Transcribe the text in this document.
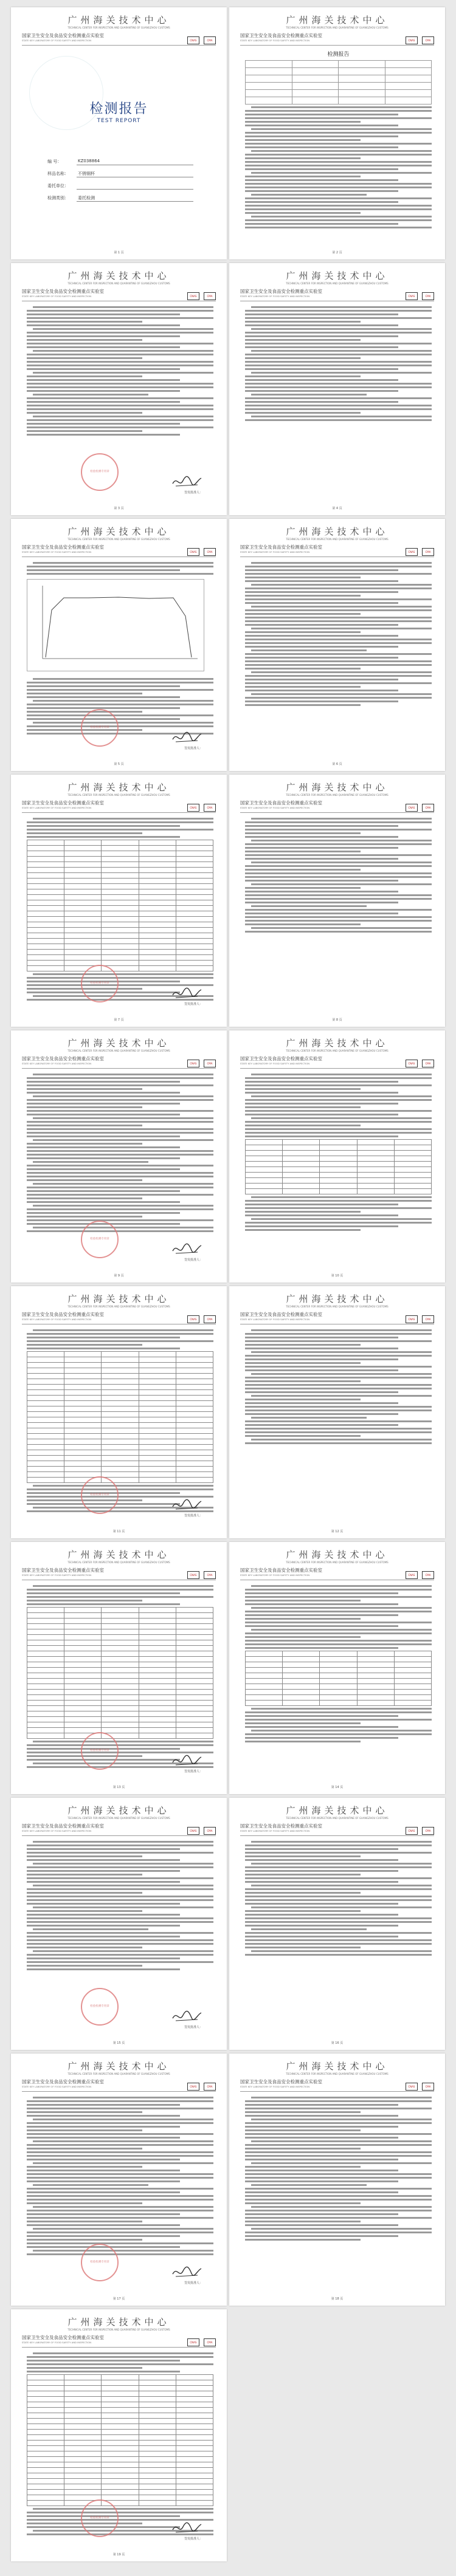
广州海关技术中心
TECHNICAL CENTER FOR INSPECTION AND QUARANTINE OF GUANGZHOU CUSTOMS
国家卫生安全及食品安全检测重点实验室
STATE KEY LABORATORY OF FOOD SAFETY AND INSPECTION	CNAS	CMA
检测报告
TEST REPORT
编 号：	KZ038864
样品名称： 不锈钢杯
委托单位：
检测类别： 委托检测
第 1 页
广州海关技术中心
TECHNICAL CENTER FOR INSPECTION AND QUARANTINE OF GUANGZHOU CUSTOMS
国家卫生安全及食品安全检测重点实验室
STATE KEY LABORATORY OF FOOD SAFETY AND INSPECTION	CNAS	CMA
检测报告

第 2 页
广州海关技术中心
TECHNICAL CENTER FOR INSPECTION AND QUARANTINE OF GUANGZHOU CUSTOMS
国家卫生安全及食品安全检测重点实验室
STATE KEY LABORATORY OF FOOD SAFETY AND INSPECTION	CNAS	CMA
检验检测专用章
签发批准人：
第 3 页
广州海关技术中心
TECHNICAL CENTER FOR INSPECTION AND QUARANTINE OF GUANGZHOU CUSTOMS
国家卫生安全及食品安全检测重点实验室
STATE KEY LABORATORY OF FOOD SAFETY AND INSPECTION	CNAS	CMA
第 4 页
广州海关技术中心
TECHNICAL CENTER FOR INSPECTION AND QUARANTINE OF GUANGZHOU CUSTOMS
国家卫生安全及食品安全检测重点实验室
STATE KEY LABORATORY OF FOOD SAFETY AND INSPECTION	CNAS	CMA
检验检测专用章
签发批准人：
第 5 页
广州海关技术中心
TECHNICAL CENTER FOR INSPECTION AND QUARANTINE OF GUANGZHOU CUSTOMS
国家卫生安全及食品安全检测重点实验室
STATE KEY LABORATORY OF FOOD SAFETY AND INSPECTION	CNAS	CMA
第 6 页
广州海关技术中心
TECHNICAL CENTER FOR INSPECTION AND QUARANTINE OF GUANGZHOU CUSTOMS
国家卫生安全及食品安全检测重点实验室
STATE KEY LABORATORY OF FOOD SAFETY AND INSPECTION	CNAS	CMA

检验检测专用章
签发批准人：
第 7 页
广州海关技术中心
TECHNICAL CENTER FOR INSPECTION AND QUARANTINE OF GUANGZHOU CUSTOMS
国家卫生安全及食品安全检测重点实验室
STATE KEY LABORATORY OF FOOD SAFETY AND INSPECTION	CNAS	CMA
第 8 页
广州海关技术中心
TECHNICAL CENTER FOR INSPECTION AND QUARANTINE OF GUANGZHOU CUSTOMS
国家卫生安全及食品安全检测重点实验室
STATE KEY LABORATORY OF FOOD SAFETY AND INSPECTION	CNAS	CMA
检验检测专用章
签发批准人：
第 9 页
广州海关技术中心
TECHNICAL CENTER FOR INSPECTION AND QUARANTINE OF GUANGZHOU CUSTOMS
国家卫生安全及食品安全检测重点实验室
STATE KEY LABORATORY OF FOOD SAFETY AND INSPECTION	CNAS	CMA

第 10 页
广州海关技术中心
TECHNICAL CENTER FOR INSPECTION AND QUARANTINE OF GUANGZHOU CUSTOMS
国家卫生安全及食品安全检测重点实验室
STATE KEY LABORATORY OF FOOD SAFETY AND INSPECTION	CNAS	CMA

检验检测专用章
签发批准人：
第 11 页
广州海关技术中心
TECHNICAL CENTER FOR INSPECTION AND QUARANTINE OF GUANGZHOU CUSTOMS
国家卫生安全及食品安全检测重点实验室
STATE KEY LABORATORY OF FOOD SAFETY AND INSPECTION	CNAS	CMA
第 12 页
广州海关技术中心
TECHNICAL CENTER FOR INSPECTION AND QUARANTINE OF GUANGZHOU CUSTOMS
国家卫生安全及食品安全检测重点实验室
STATE KEY LABORATORY OF FOOD SAFETY AND INSPECTION	CNAS	CMA

检验检测专用章
签发批准人：
第 13 页
广州海关技术中心
TECHNICAL CENTER FOR INSPECTION AND QUARANTINE OF GUANGZHOU CUSTOMS
国家卫生安全及食品安全检测重点实验室
STATE KEY LABORATORY OF FOOD SAFETY AND INSPECTION	CNAS	CMA

第 14 页
广州海关技术中心
TECHNICAL CENTER FOR INSPECTION AND QUARANTINE OF GUANGZHOU CUSTOMS
国家卫生安全及食品安全检测重点实验室
STATE KEY LABORATORY OF FOOD SAFETY AND INSPECTION	CNAS	CMA
检验检测专用章
签发批准人：
第 15 页
广州海关技术中心
TECHNICAL CENTER FOR INSPECTION AND QUARANTINE OF GUANGZHOU CUSTOMS
国家卫生安全及食品安全检测重点实验室
STATE KEY LABORATORY OF FOOD SAFETY AND INSPECTION	CNAS	CMA
第 16 页
广州海关技术中心
TECHNICAL CENTER FOR INSPECTION AND QUARANTINE OF GUANGZHOU CUSTOMS
国家卫生安全及食品安全检测重点实验室
STATE KEY LABORATORY OF FOOD SAFETY AND INSPECTION	CNAS	CMA
检验检测专用章
签发批准人：
第 17 页
广州海关技术中心
TECHNICAL CENTER FOR INSPECTION AND QUARANTINE OF GUANGZHOU CUSTOMS
国家卫生安全及食品安全检测重点实验室
STATE KEY LABORATORY OF FOOD SAFETY AND INSPECTION	CNAS	CMA
第 18 页
广州海关技术中心
TECHNICAL CENTER FOR INSPECTION AND QUARANTINE OF GUANGZHOU CUSTOMS
国家卫生安全及食品安全检测重点实验室
STATE KEY LABORATORY OF FOOD SAFETY AND INSPECTION	CNAS	CMA

检验检测专用章
签发批准人：
第 19 页
